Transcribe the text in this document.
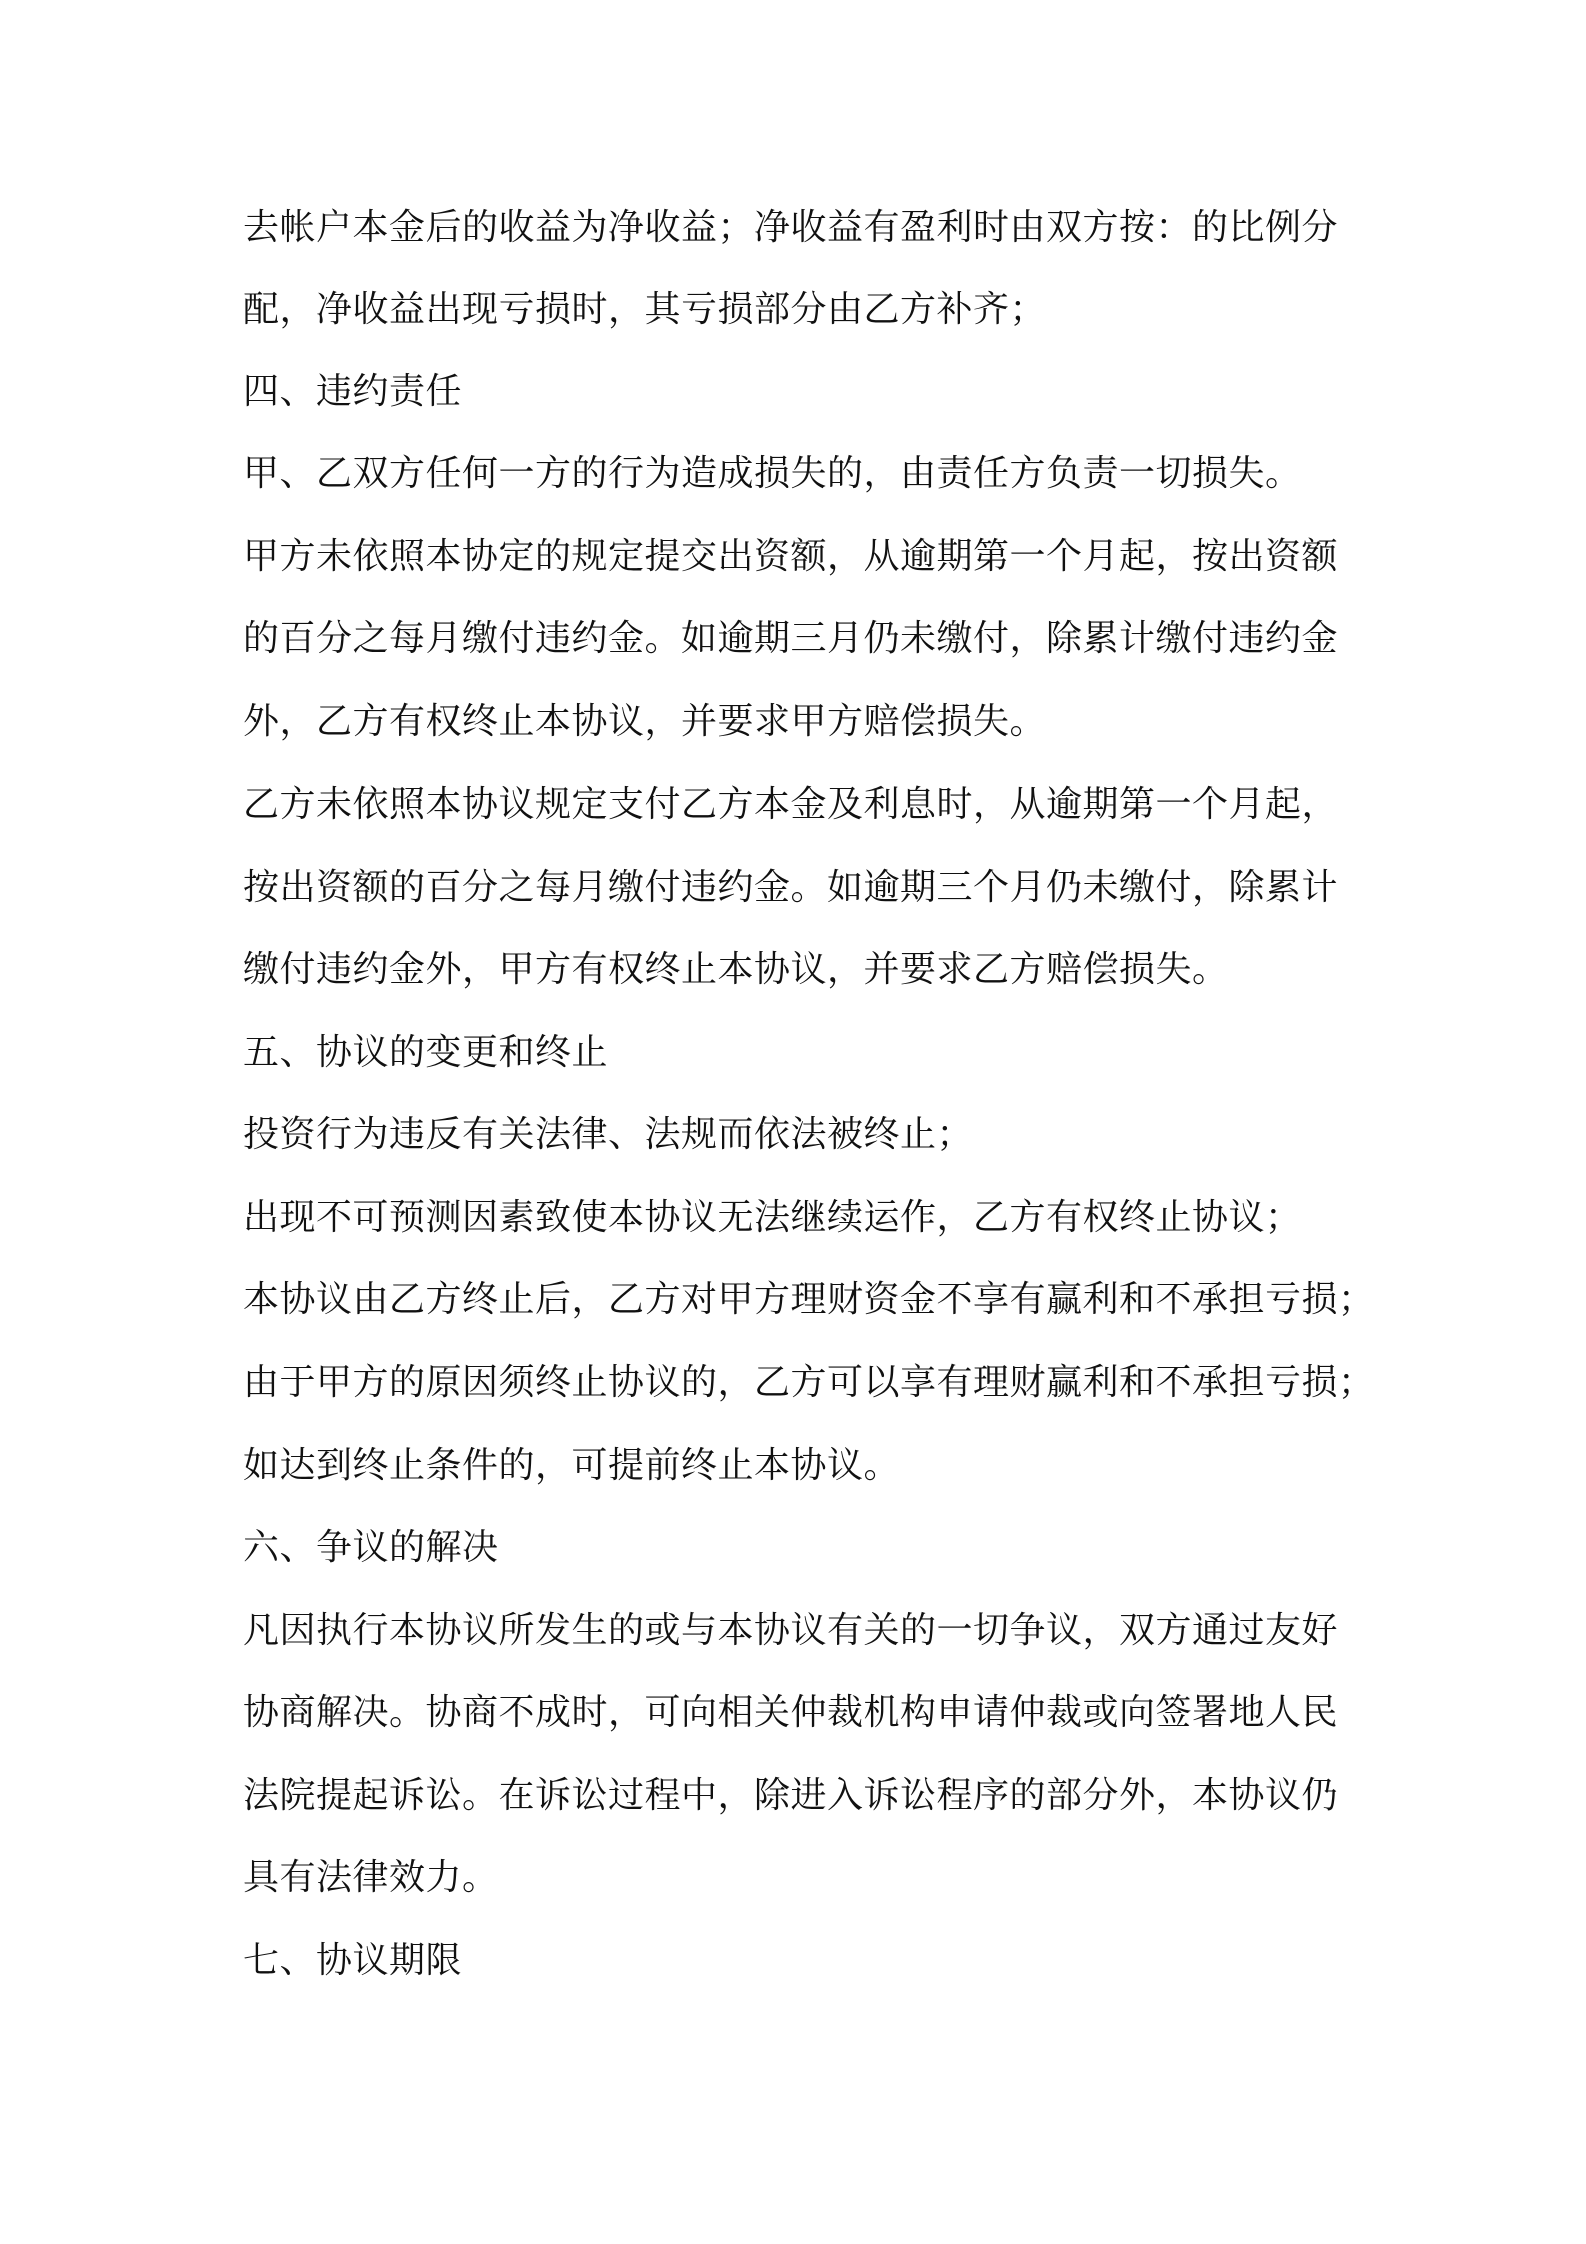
去帐户本金后的收益为净收益；净收益有盈利时由双方按：的比例分
配，净收益出现亏损时，其亏损部分由乙方补齐；
四、违约责任
甲、乙双方任何一方的行为造成损失的，由责任方负责一切损失。
甲方未依照本协定的规定提交出资额，从逾期第一个月起，按出资额
的百分之每月缴付违约金。如逾期三月仍未缴付，除累计缴付违约金
外，乙方有权终止本协议，并要求甲方赔偿损失。
乙方未依照本协议规定支付乙方本金及利息时，从逾期第一个月起，
按出资额的百分之每月缴付违约金。如逾期三个月仍未缴付，除累计
缴付违约金外，甲方有权终止本协议，并要求乙方赔偿损失。
五、协议的变更和终止
投资行为违反有关法律、法规而依法被终止；
出现不可预测因素致使本协议无法继续运作，乙方有权终止协议；
本协议由乙方终止后，乙方对甲方理财资金不享有赢利和不承担亏损；
由于甲方的原因须终止协议的，乙方可以享有理财赢利和不承担亏损；
如达到终止条件的，可提前终止本协议。
六、争议的解决
凡因执行本协议所发生的或与本协议有关的一切争议，双方通过友好
协商解决。协商不成时，可向相关仲裁机构申请仲裁或向签署地人民
法院提起诉讼。在诉讼过程中，除进入诉讼程序的部分外，本协议仍
具有法律效力。
七、协议期限
